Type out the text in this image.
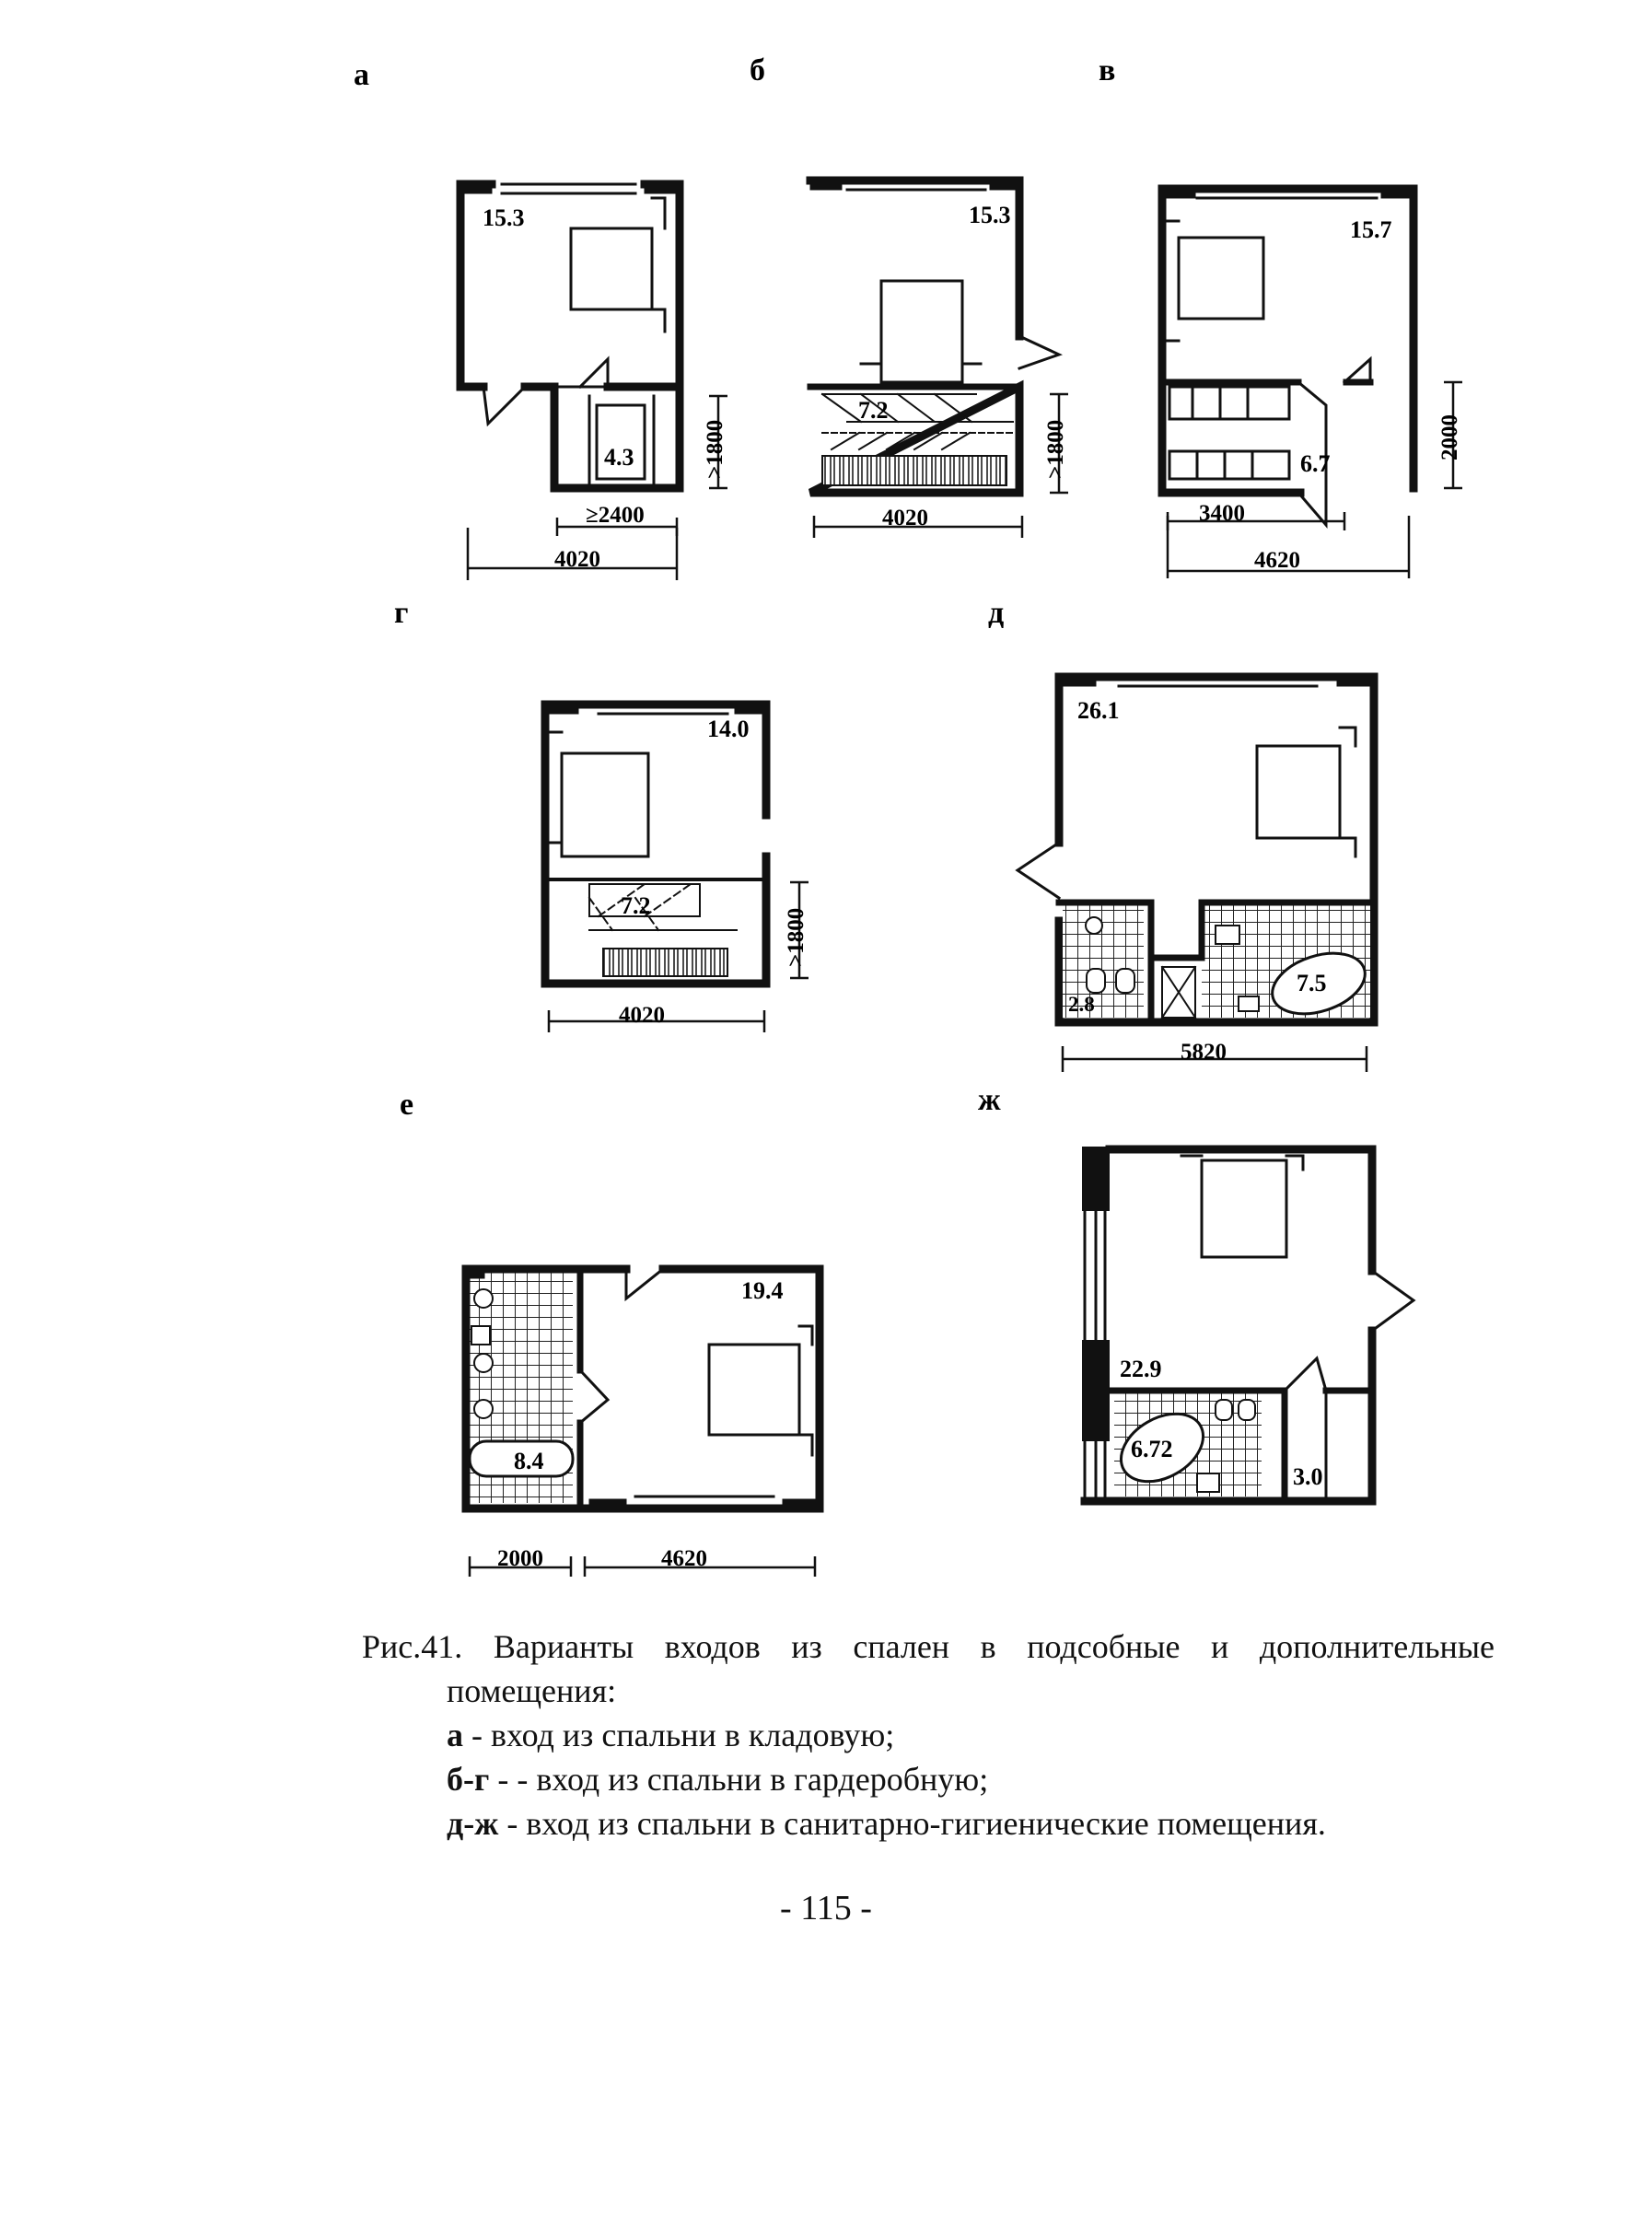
а	б	в
г	д
е	ж
15.3
4.3
≥2400
4020
>1800
15.3
7.2
4020
>1800
15.7
6.7
3400
4620
2000
14.0
7.2
4020
>1800
26.1
2.8
7.5
5820
19.4
8.4
2000	4620
22.9
6.72
3.0
Рис.41. Варианты входов из спален в подсобные и дополнительные
помещения:
а - вход из спальни в кладовую;
б-г - - вход из спальни в гардеробную;
д-ж - вход из спальни в санитарно-гигиенические помещения.
- 115 -
